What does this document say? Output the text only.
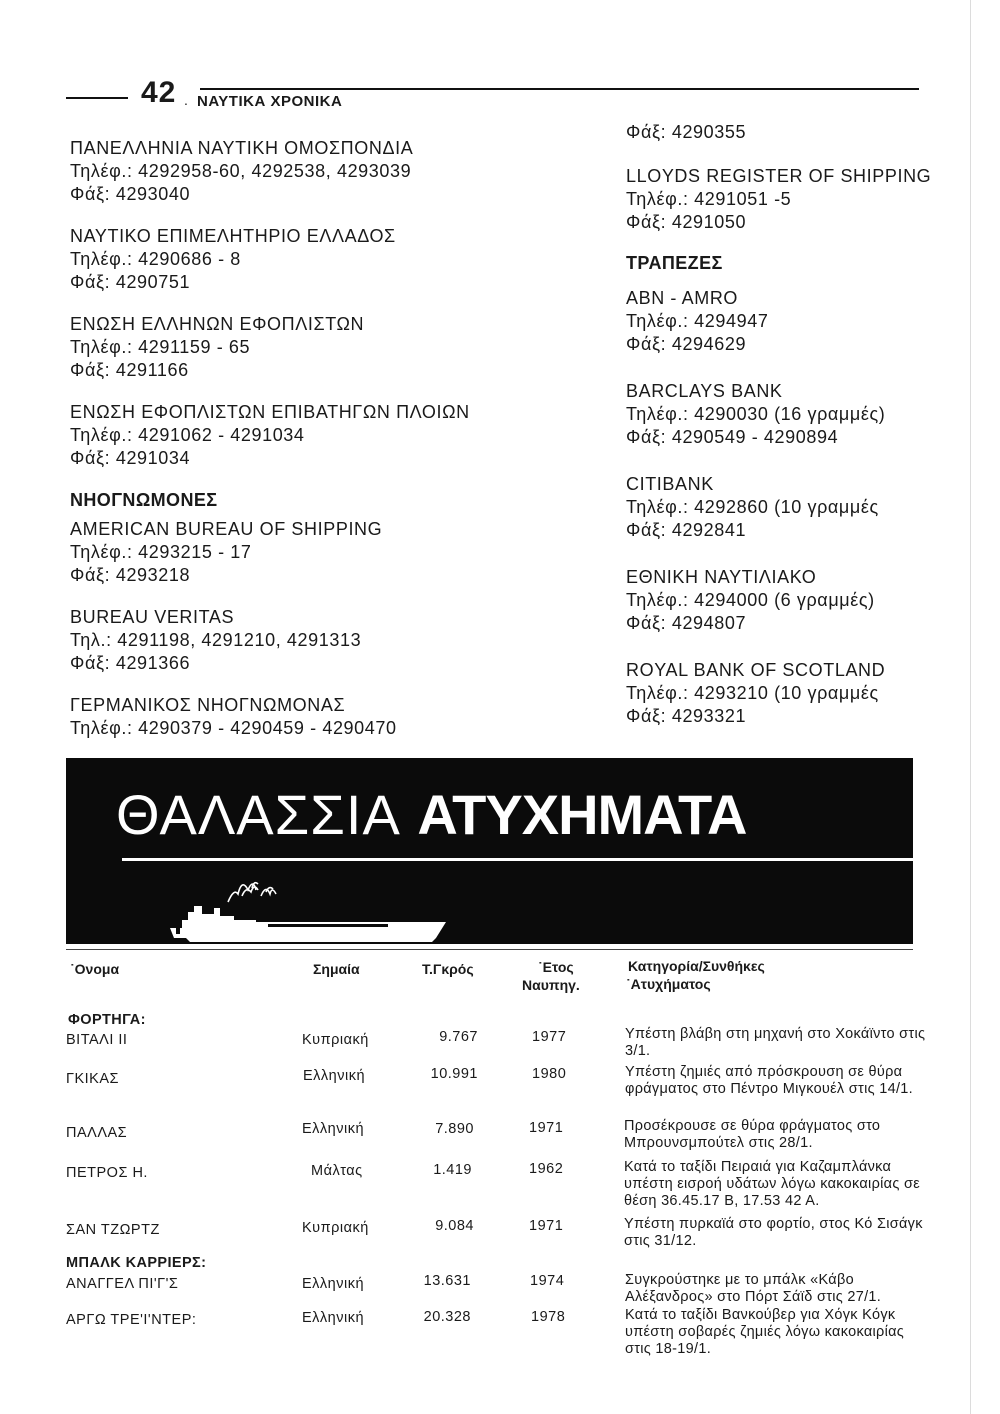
42 . ΝΑΥΤΙΚΑ ΧΡΟΝΙΚΑ
ΠΑΝΕΛΛΗΝΙΑ ΝΑΥΤΙΚΗ ΟΜΟΣΠΟΝΔΙΑ
Τηλέφ.: 4292958-60, 4292538, 4293039
Φάξ: 4293040
ΝΑΥΤΙΚΟ ΕΠΙΜΕΛΗΤΗΡΙΟ ΕΛΛΑΔΟΣ
Τηλέφ.: 4290686 - 8
Φάξ: 4290751
ΕΝΩΣΗ ΕΛΛΗΝΩΝ ΕΦΟΠΛΙΣΤΩΝ
Τηλέφ.: 4291159 - 65
Φάξ: 4291166
ΕΝΩΣΗ ΕΦΟΠΛΙΣΤΩΝ ΕΠΙΒΑΤΗΓΩΝ ΠΛΟΙΩΝ
Τηλέφ.: 4291062 - 4291034
Φάξ: 4291034
ΝΗΟΓΝΩΜΟΝΕΣ
AMERICAN BUREAU OF SHIPPING
Τηλέφ.: 4293215 - 17
Φάξ: 4293218
BUREAU VERITAS
Τηλ.: 4291198, 4291210, 4291313
Φάξ: 4291366
ΓΕΡΜΑΝΙΚΟΣ ΝΗΟΓΝΩΜΟΝΑΣ
Τηλέφ.: 4290379 - 4290459 - 4290470
Φάξ: 4290355
LLOYDS REGISTER OF SHIPPING
Τηλέφ.: 4291051 -5
Φάξ: 4291050
ΤΡΑΠΕΖΕΣ
ABN - AMRO
Τηλέφ.: 4294947
Φάξ: 4294629
BARCLAYS BANK
Τηλέφ.: 4290030 (16 γραμμές)
Φάξ: 4290549 - 4290894
CITIBANK
Τηλέφ.: 4292860 (10 γραμμές
Φάξ: 4292841
ΕΘΝΙΚΗ ΝΑΥΤΙΛΙΑΚΟ
Τηλέφ.: 4294000 (6 γραμμές)
Φάξ: 4294807
ROYAL BANK OF SCOTLAND
Τηλέφ.: 4293210 (10 γραμμές
Φάξ: 4293321
ΘΑΛΑΣΣΙΑ ΑΤΥΧΗΜΑΤΑ
˙Ονομα	Σημαία	Τ.Γκρός	˙Ετος
Ναυπηγ.
Κατηγορία/Συνθήκες
˙Ατυχήματος
ΦΟΡΤΗΓΑ:
ΒΙΤΑΛΙ ΙΙ	Κυπριακή	9.767	1977	Υπέστη βλάβη στη μηχανή στο Χοκάϊντο στις 3/1.
ΓΚΙΚΑΣ	Ελληνική	10.991	1980	Υπέστη ζημιές από πρόσκρουση σε θύρα φράγματος στο Πέντρο Μιγκουέλ στις 14/1.
ΠΑΛΛΑΣ	Ελληνική	7.890	1971	Προσέκρουσε σε θύρα φράγματος στο Μπρουνσμπούτελ στις 28/1.
ΠΕΤΡΟΣ Η.	Μάλτας	1.419	1962	Κατά το ταξίδι Πειραιά για Καζαμπλάνκα υπέστη εισροή υδάτων λόγω κακοκαιρίας σε θέση 36.45.17 Β, 17.53 42 Α.
ΣΑΝ ΤΖΩΡΤΖ	Κυπριακή	9.084	1971	Υπέστη πυρκαϊά στο φορτίο, στος Κό Σισάγκ στις 31/12.
ΜΠΑΛΚ ΚΑΡΡΙΕΡΣ:
ΑΝΑΓΓΕΛ ΠΙ'Γ'Σ	Ελληνική	13.631	1974	Συγκρούστηκε με το μπάλκ «Κάβο Αλέξανδρος» στο Πόρτ Σάϊδ στις 27/1.
ΑΡΓΩ ΤΡΕ'Ι'ΝΤΕΡ:	Ελληνική	20.328	1978	Κατά το ταξίδι Βανκούβερ για Χόγκ Κόγκ υπέστη σοβαρές ζημιές λόγω κακοκαιρίας στις 18-19/1.
